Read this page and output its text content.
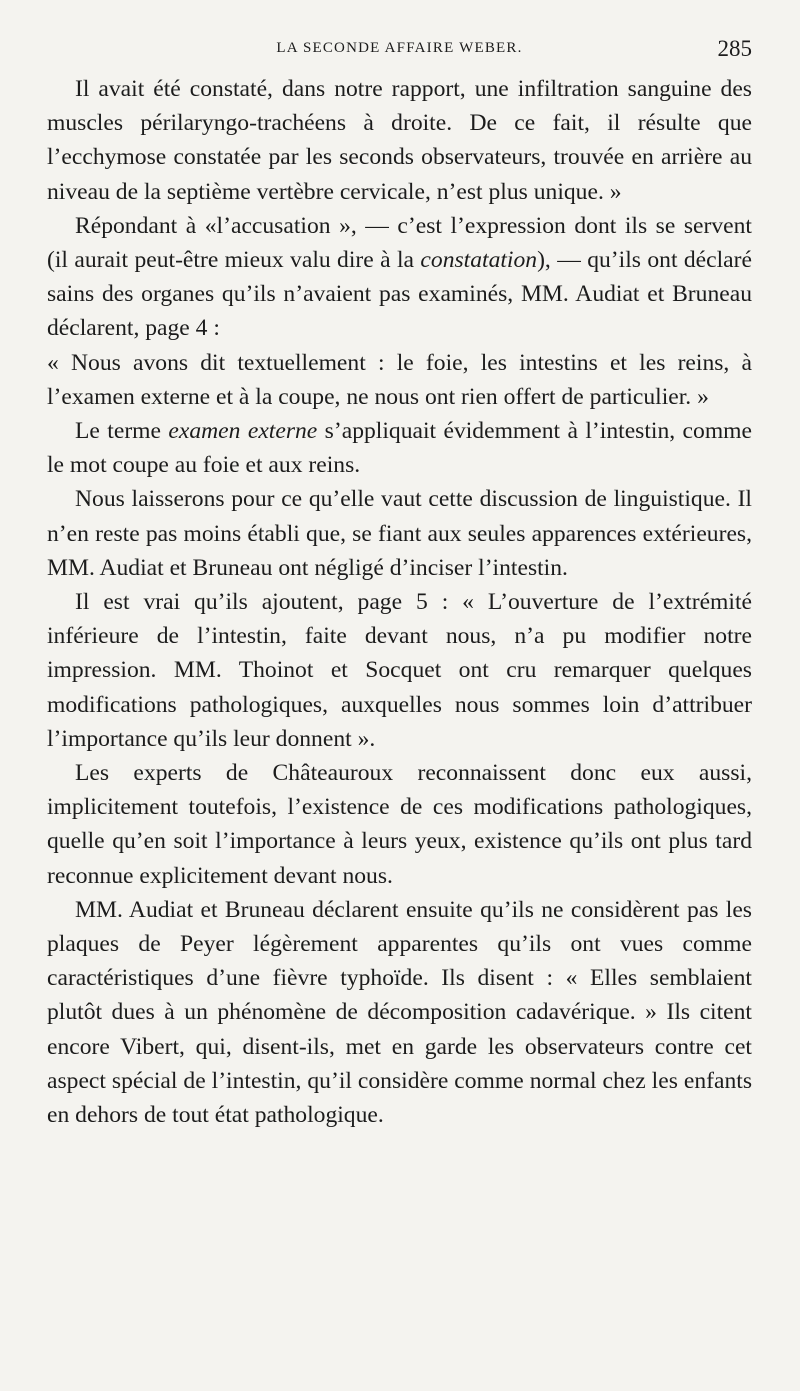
LA SECONDE AFFAIRE WEBER.	285

Il avait été constaté, dans notre rapport, une infiltration sanguine des muscles périlaryngo-trachéens à droite. De ce fait, il résulte que l’ecchymose constatée par les seconds observateurs, trouvée en arrière au niveau de la septième vertèbre cervicale, n’est plus unique. »

Répondant à «l’accusation », — c’est l’expression dont ils se servent (il aurait peut-être mieux valu dire à la constatation), — qu’ils ont déclaré sains des organes qu’ils n’avaient pas examinés, MM. Audiat et Bruneau déclarent, page 4 :

« Nous avons dit textuellement : le foie, les intestins et les reins, à l’examen externe et à la coupe, ne nous ont rien offert de particulier. »

Le terme examen externe s’appliquait évidemment à l’intestin, comme le mot coupe au foie et aux reins.

Nous laisserons pour ce qu’elle vaut cette discussion de linguistique. Il n’en reste pas moins établi que, se fiant aux seules apparences extérieures, MM. Audiat et Bruneau ont négligé d’inciser l’intestin.

Il est vrai qu’ils ajoutent, page 5 : « L’ouverture de l’extrémité inférieure de l’intestin, faite devant nous, n’a pu modifier notre impression. MM. Thoinot et Socquet ont cru remarquer quelques modifications pathologiques, auxquelles nous sommes loin d’attribuer l’importance qu’ils leur donnent ».

Les experts de Châteauroux reconnaissent donc eux aussi, implicitement toutefois, l’existence de ces modifications pathologiques, quelle qu’en soit l’importance à leurs yeux, existence qu’ils ont plus tard reconnue explicitement devant nous.

MM. Audiat et Bruneau déclarent ensuite qu’ils ne considèrent pas les plaques de Peyer légèrement apparentes qu’ils ont vues comme caractéristiques d’une fièvre typhoïde. Ils disent : « Elles semblaient plutôt dues à un phénomène de décomposition cadavérique. » Ils citent encore Vibert, qui, disent-ils, met en garde les observateurs contre cet aspect spécial de l’intestin, qu’il considère comme normal chez les enfants en dehors de tout état pathologique.
